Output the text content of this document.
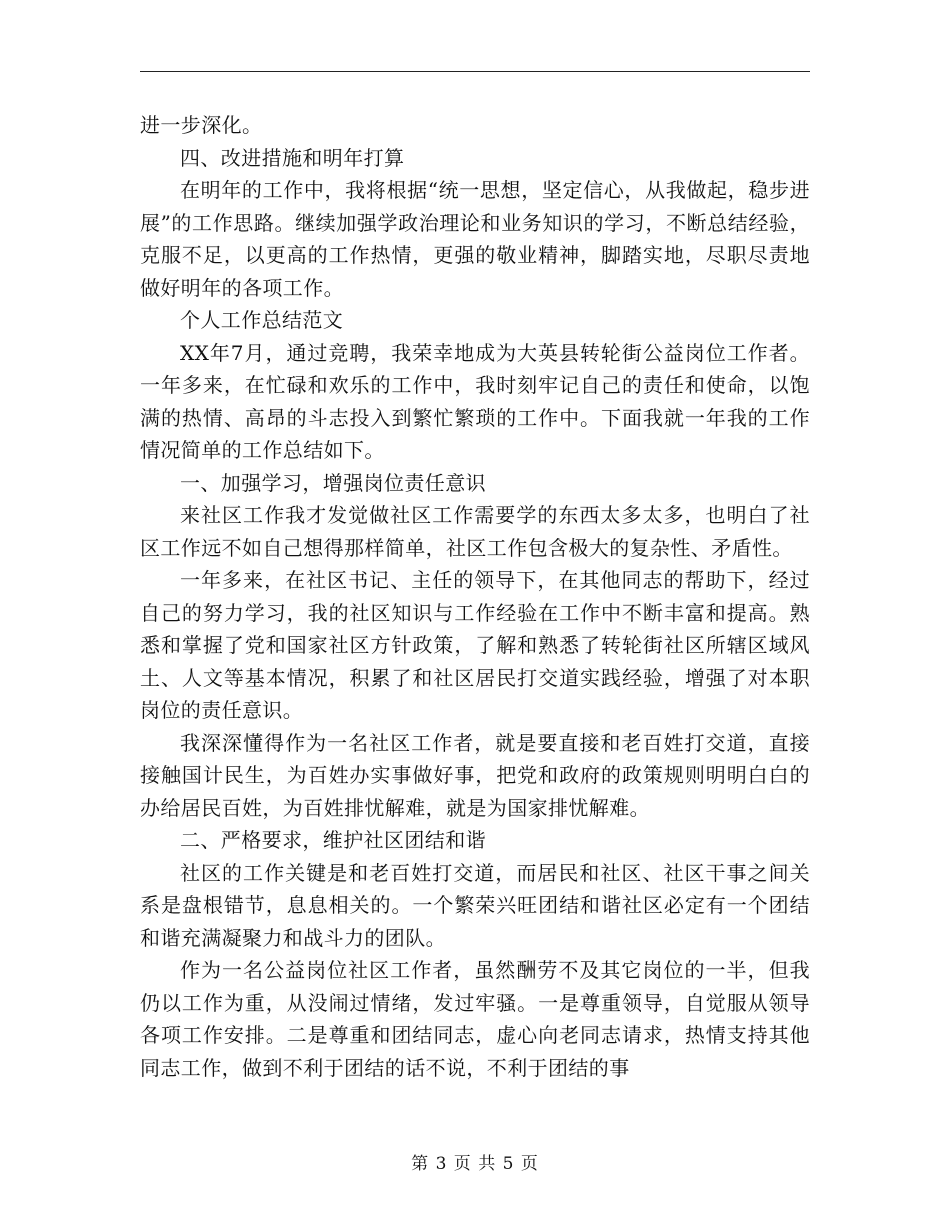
进一步深化。

四、改进措施和明年打算

在明年的工作中，我将根据“统一思想，坚定信心，从我做起，稳步进展”的工作思路。继续加强学政治理论和业务知识的学习，不断总结经验，克服不足，以更高的工作热情，更强的敬业精神，脚踏实地，尽职尽责地做好明年的各项工作。

个人工作总结范文

XX年7月，通过竞聘，我荣幸地成为大英县转轮街公益岗位工作者。一年多来，在忙碌和欢乐的工作中，我时刻牢记自己的责任和使命，以饱满的热情、高昂的斗志投入到繁忙繁琐的工作中。下面我就一年我的工作情况简单的工作总结如下。

一、加强学习，增强岗位责任意识

来社区工作我才发觉做社区工作需要学的东西太多太多，也明白了社区工作远不如自己想得那样简单，社区工作包含极大的复杂性、矛盾性。

一年多来，在社区书记、主任的领导下，在其他同志的帮助下，经过自己的努力学习，我的社区知识与工作经验在工作中不断丰富和提高。熟悉和掌握了党和国家社区方针政策，了解和熟悉了转轮街社区所辖区域风土、人文等基本情况，积累了和社区居民打交道实践经验，增强了对本职岗位的责任意识。

我深深懂得作为一名社区工作者，就是要直接和老百姓打交道，直接接触国计民生，为百姓办实事做好事，把党和政府的政策规则明明白白的办给居民百姓，为百姓排忧解难，就是为国家排忧解难。

二、严格要求，维护社区团结和谐

社区的工作关键是和老百姓打交道，而居民和社区、社区干事之间关系是盘根错节，息息相关的。一个繁荣兴旺团结和谐社区必定有一个团结和谐充满凝聚力和战斗力的团队。

作为一名公益岗位社区工作者，虽然酬劳不及其它岗位的一半，但我仍以工作为重，从没闹过情绪，发过牢骚。一是尊重领导，自觉服从领导各项工作安排。二是尊重和团结同志，虚心向老同志请求，热情支持其他同志工作，做到不利于团结的话不说，不利于团结的事

第 3 页 共 5 页
